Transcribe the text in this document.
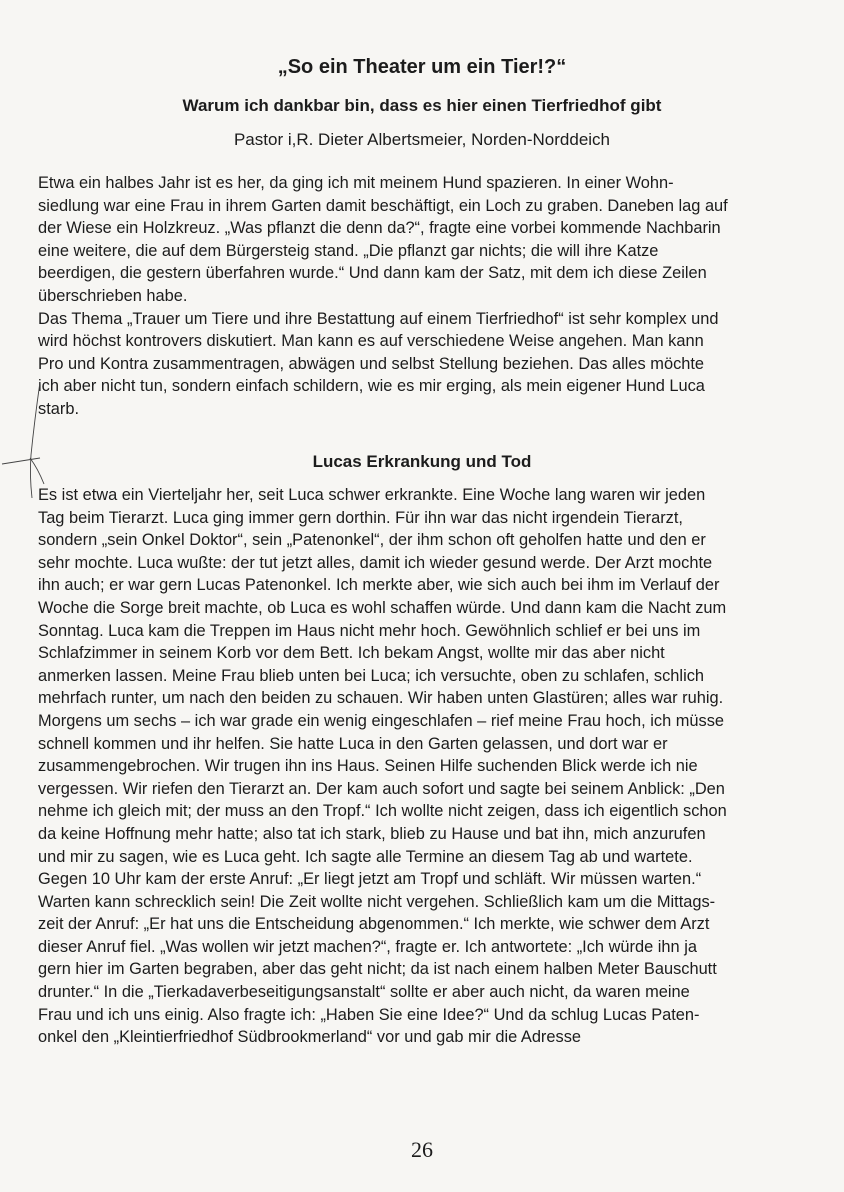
„So ein Theater um ein Tier!?“
Warum ich dankbar bin, dass es hier einen Tierfriedhof gibt
Pastor i,R. Dieter Albertsmeier, Norden-Norddeich
Etwa ein halbes Jahr ist es her, da ging ich mit meinem Hund spazieren. In einer Wohn-
siedlung war eine Frau in ihrem Garten damit beschäftigt, ein Loch zu graben. Daneben lag auf
der Wiese ein Holzkreuz. „Was pflanzt die denn da?“, fragte eine vorbei kommende Nachbarin
eine weitere, die auf dem Bürgersteig stand. „Die pflanzt gar nichts; die will ihre Katze
beerdigen, die gestern überfahren wurde.“ Und dann kam der Satz, mit dem ich diese Zeilen
überschrieben habe.
Das Thema „Trauer um Tiere und ihre Bestattung auf einem Tierfriedhof“ ist sehr komplex und
wird höchst kontrovers diskutiert. Man kann es auf verschiedene Weise angehen. Man kann
Pro und Kontra zusammentragen, abwägen und selbst Stellung beziehen. Das alles möchte
ich aber nicht tun, sondern einfach schildern, wie es mir erging, als mein eigener Hund Luca
starb.
Lucas Erkrankung und Tod
Es ist etwa ein Vierteljahr her, seit Luca schwer erkrankte. Eine Woche lang waren wir jeden
Tag beim Tierarzt. Luca ging immer gern dorthin. Für ihn war das nicht irgendein Tierarzt,
sondern „sein Onkel Doktor“, sein „Patenonkel“, der ihm schon oft geholfen hatte und den er
sehr mochte. Luca wußte: der tut jetzt alles, damit ich wieder gesund werde. Der Arzt mochte
ihn auch; er war gern Lucas Patenonkel. Ich merkte aber, wie sich auch bei ihm im Verlauf der
Woche die Sorge breit machte, ob Luca es wohl schaffen würde. Und dann kam die Nacht zum
Sonntag. Luca kam die Treppen im Haus nicht mehr hoch. Gewöhnlich schlief er bei uns im
Schlafzimmer in seinem Korb vor dem Bett. Ich bekam Angst, wollte mir das aber nicht
anmerken lassen. Meine Frau blieb unten bei Luca; ich versuchte, oben zu schlafen, schlich
mehrfach runter, um nach den beiden zu schauen. Wir haben unten Glastüren; alles war ruhig.
Morgens um sechs – ich war grade ein wenig eingeschlafen – rief meine Frau hoch, ich müsse
schnell kommen und ihr helfen. Sie hatte Luca in den Garten gelassen, und dort war er
zusammengebrochen. Wir trugen ihn ins Haus. Seinen Hilfe suchenden Blick werde ich nie
vergessen. Wir riefen den Tierarzt an. Der kam auch sofort und sagte bei seinem Anblick: „Den
nehme ich gleich mit; der muss an den Tropf.“ Ich wollte nicht zeigen, dass ich eigentlich schon
da keine Hoffnung mehr hatte; also tat ich stark, blieb zu Hause und bat ihn, mich anzurufen
und mir zu sagen, wie es Luca geht. Ich sagte alle Termine an diesem Tag ab und wartete.
Gegen 10 Uhr kam der erste Anruf: „Er liegt jetzt am Tropf und schläft. Wir müssen warten.“
Warten kann schrecklich sein! Die Zeit wollte nicht vergehen. Schließlich kam um die Mittags-
zeit der Anruf: „Er hat uns die Entscheidung abgenommen.“ Ich merkte, wie schwer dem Arzt
dieser Anruf fiel. „Was wollen wir jetzt machen?“, fragte er. Ich antwortete: „Ich würde ihn ja
gern hier im Garten begraben, aber das geht nicht; da ist nach einem halben Meter Bauschutt
drunter.“ In die „Tierkadaverbeseitigungsanstalt“ sollte er aber auch nicht, da waren meine
Frau und ich uns einig. Also fragte ich: „Haben Sie eine Idee?“ Und da schlug Lucas Paten-
onkel den „Kleintierfriedhof Südbrookmerland“ vor und gab mir die Adresse
26
